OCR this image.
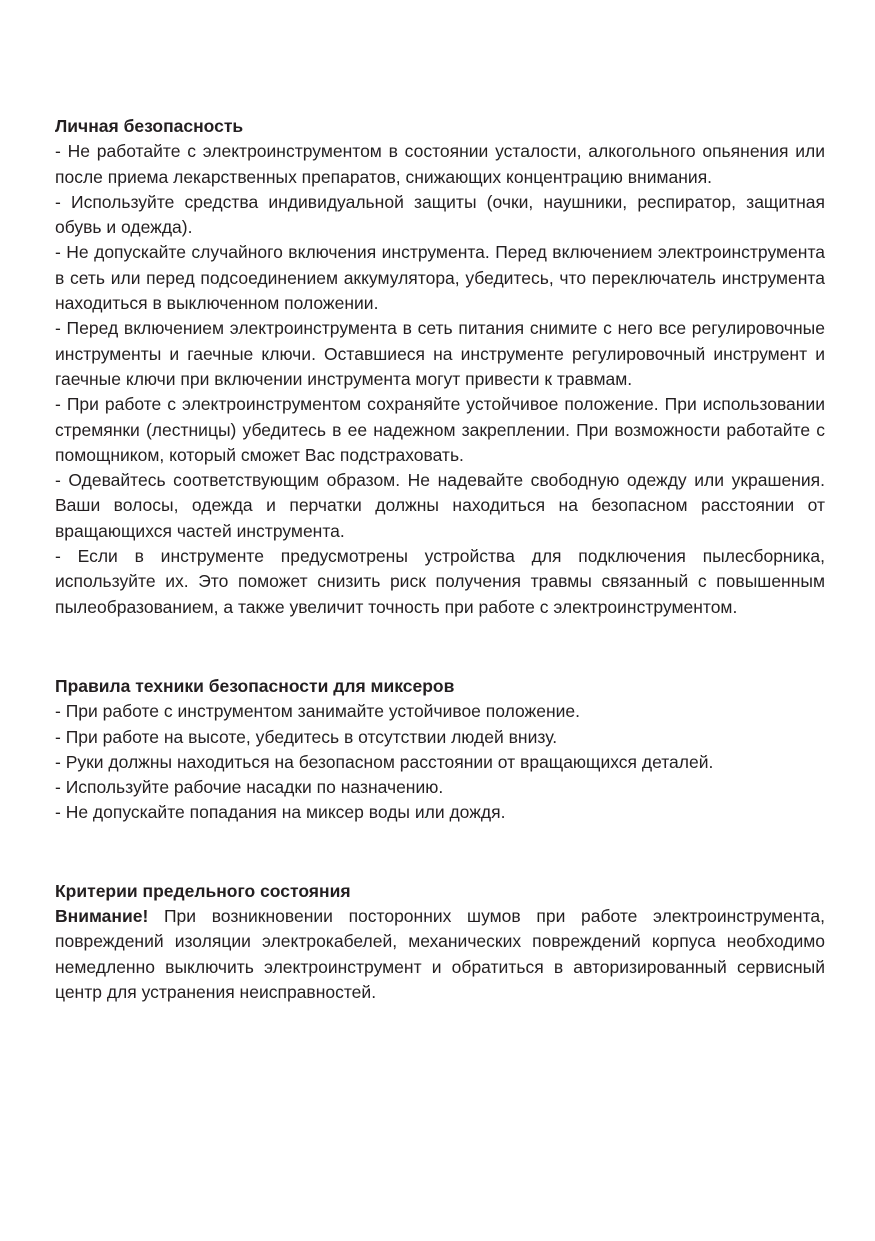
Личная безопасность

- Не работайте с электроинструментом в состоянии усталости, алкогольного опьянения или после приема лекарственных препаратов, снижающих концентрацию внимания.

- Используйте средства индивидуальной защиты (очки, наушники, респиратор, защитная обувь и одежда).

- Не допускайте случайного включения инструмента. Перед включением электроинструмента в сеть или перед подсоединением аккумулятора, убедитесь, что переключатель инструмента находиться в выключенном положении.

- Перед включением электроинструмента в сеть питания снимите с него все регулировочные инструменты и гаечные ключи. Оставшиеся на инструменте регулировочный инструмент и гаечные ключи при включении инструмента могут привести к травмам.

- При работе с электроинструментом сохраняйте устойчивое положение. При использовании стремянки (лестницы) убедитесь в ее надежном закреплении. При возможности работайте с помощником, который сможет Вас подстраховать.

- Одевайтесь соответствующим образом. Не надевайте свободную одежду или украшения. Ваши волосы, одежда и перчатки должны находиться на безопасном расстоянии от вращающихся частей инструмента.

- Если в инструменте предусмотрены устройства для подключения пылесборника, используйте их. Это поможет снизить риск получения травмы связанный с повышенным пылеобразованием, а также увеличит точность при работе с электроинструментом.

Правила техники безопасности для миксеров

- При работе с инструментом занимайте устойчивое положение.

- При работе на высоте, убедитесь в отсутствии людей внизу.

- Руки должны находиться на безопасном расстоянии от вращающихся деталей.

- Используйте рабочие насадки по назначению.

- Не допускайте попадания на миксер воды или дождя.

Критерии предельного состояния

Внимание! При возникновении посторонних шумов при работе электроинструмента, повреждений изоляции электрокабелей, механических повреждений корпуса необходимо немедленно выключить электроинструмент и обратиться в авторизированный сервисный центр для устранения неисправностей.
